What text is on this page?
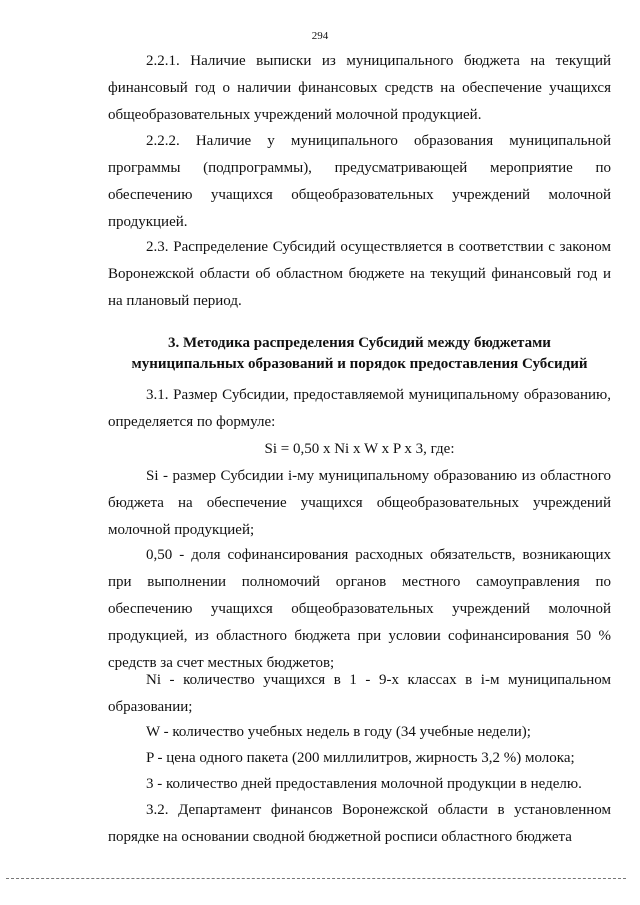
294

2.2.1. Наличие выписки из муниципального бюджета на текущий финансовый год о наличии финансовых средств на обеспечение учащихся общеобразовательных учреждений молочной продукцией.

2.2.2. Наличие у муниципального образования муниципальной программы (подпрограммы), предусматривающей мероприятие по обеспечению учащихся общеобразовательных учреждений молочной продукцией.

2.3. Распределение Субсидий осуществляется в соответствии с законом Воронежской области об областном бюджете на текущий финансовый год и на плановый период.

3. Методика распределения Субсидий между бюджетами
муниципальных образований и порядок предоставления Субсидий

3.1. Размер Субсидии, предоставляемой муниципальному образованию, определяется по формуле:

Si = 0,50 x Ni x W x P x 3, где:

Si - размер Субсидии i-му муниципальному образованию из областного бюджета на обеспечение учащихся общеобразовательных учреждений молочной продукцией;

0,50 - доля софинансирования расходных обязательств, возникающих при выполнении полномочий органов местного самоуправления по обеспечению учащихся общеобразовательных учреждений молочной продукцией, из областного бюджета при условии софинансирования 50 % средств за счет местных бюджетов;

Ni - количество учащихся в 1 - 9-х классах в i-м муниципальном образовании;

W - количество учебных недель в году (34 учебные недели);

P - цена одного пакета (200 миллилитров, жирность 3,2 %) молока;

3 - количество дней предоставления молочной продукции в неделю.

3.2. Департамент финансов Воронежской области в установленном порядке на основании сводной бюджетной росписи областного бюджета
